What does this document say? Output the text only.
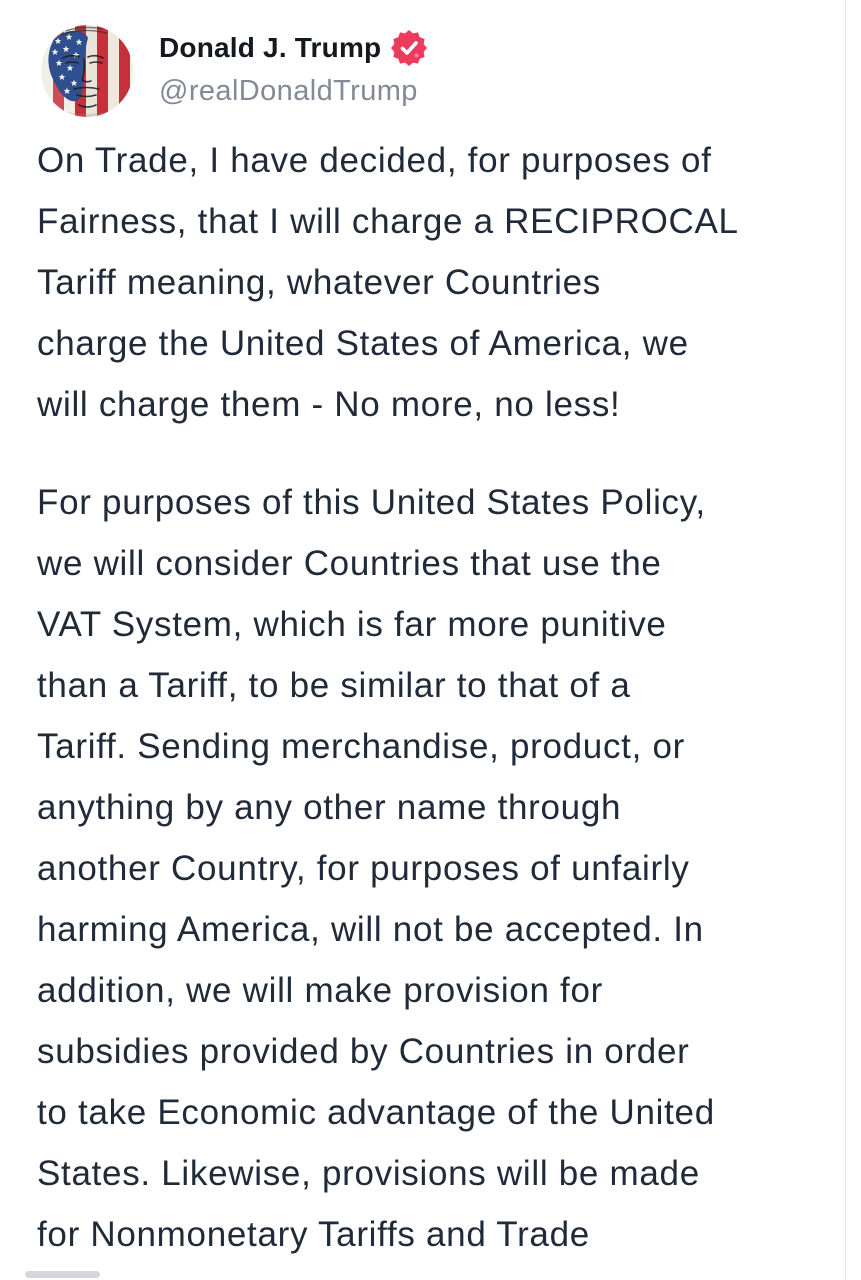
Donald J. Trump
@realDonaldTrump

On Trade, I have decided, for purposes of
Fairness, that I will charge a RECIPROCAL
Tariff meaning, whatever Countries
charge the United States of America, we
will charge them - No more, no less!

For purposes of this United States Policy,
we will consider Countries that use the
VAT System, which is far more punitive
than a Tariff, to be similar to that of a
Tariff. Sending merchandise, product, or
anything by any other name through
another Country, for purposes of unfairly
harming America, will not be accepted. In
addition, we will make provision for
subsidies provided by Countries in order
to take Economic advantage of the United
States. Likewise, provisions will be made
for Nonmonetary Tariffs and Trade
